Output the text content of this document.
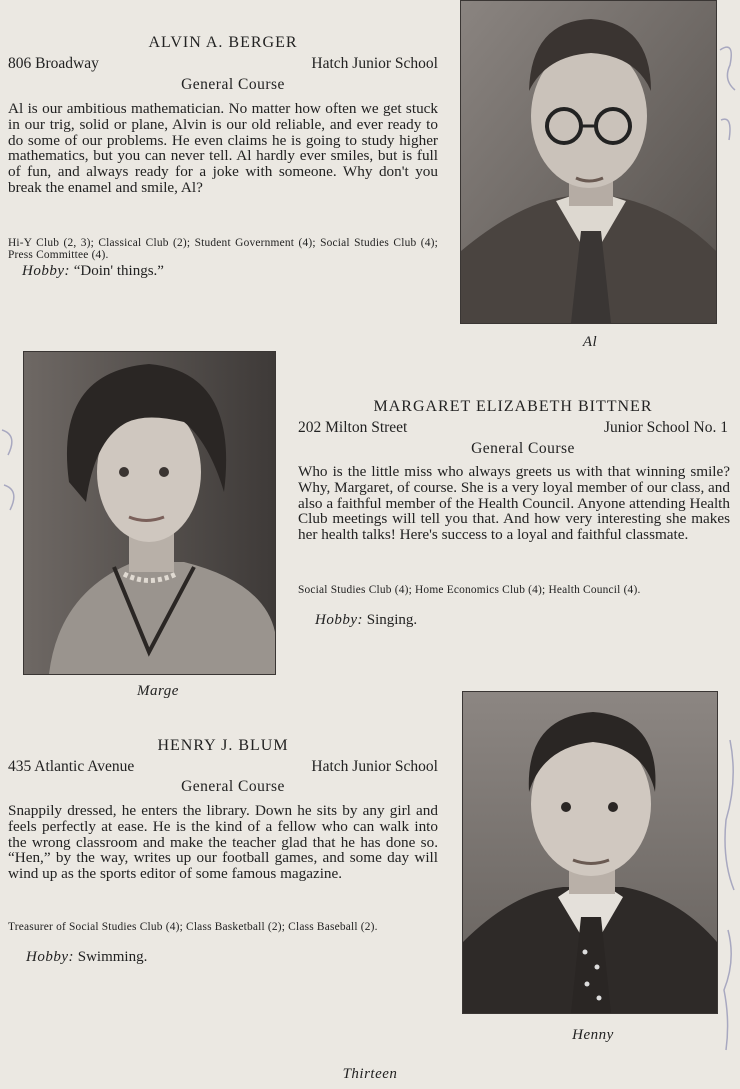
ALVIN A. BERGER
806 Broadway	Hatch Junior School
General Course
Al is our ambitious mathematician. No matter how often we get stuck in our trig, solid or plane, Alvin is our old reliable, and ever ready to do some of our problems. He even claims he is going to study higher mathematics, but you can never tell. Al hardly ever smiles, but is full of fun, and always ready for a joke with someone. Why don't you break the enamel and smile, Al?
Hi-Y Club (2, 3); Classical Club (2); Student Government (4); Social Studies Club (4); Press Committee (4).
Hobby: “Doin' things.”
Al
Marge
MARGARET ELIZABETH BITTNER
202 Milton Street	Junior School No. 1
General Course
Who is the little miss who always greets us with that winning smile? Why, Margaret, of course. She is a very loyal member of our class, and also a faithful member of the Health Council. Anyone attending Health Club meetings will tell you that. And how very interesting she makes her health talks! Here's success to a loyal and faithful classmate.
Social Studies Club (4); Home Economics Club (4); Health Council (4).
Hobby: Singing.
HENRY J. BLUM
435 Atlantic Avenue	Hatch Junior School
General Course
Snappily dressed, he enters the library. Down he sits by any girl and feels perfectly at ease. He is the kind of a fellow who can walk into the wrong classroom and make the teacher glad that he has done so. “Hen,” by the way, writes up our football games, and some day will wind up as the sports editor of some famous magazine.
Treasurer of Social Studies Club (4); Class Basketball (2); Class Baseball (2).
Hobby: Swimming.
Henny
Thirteen
